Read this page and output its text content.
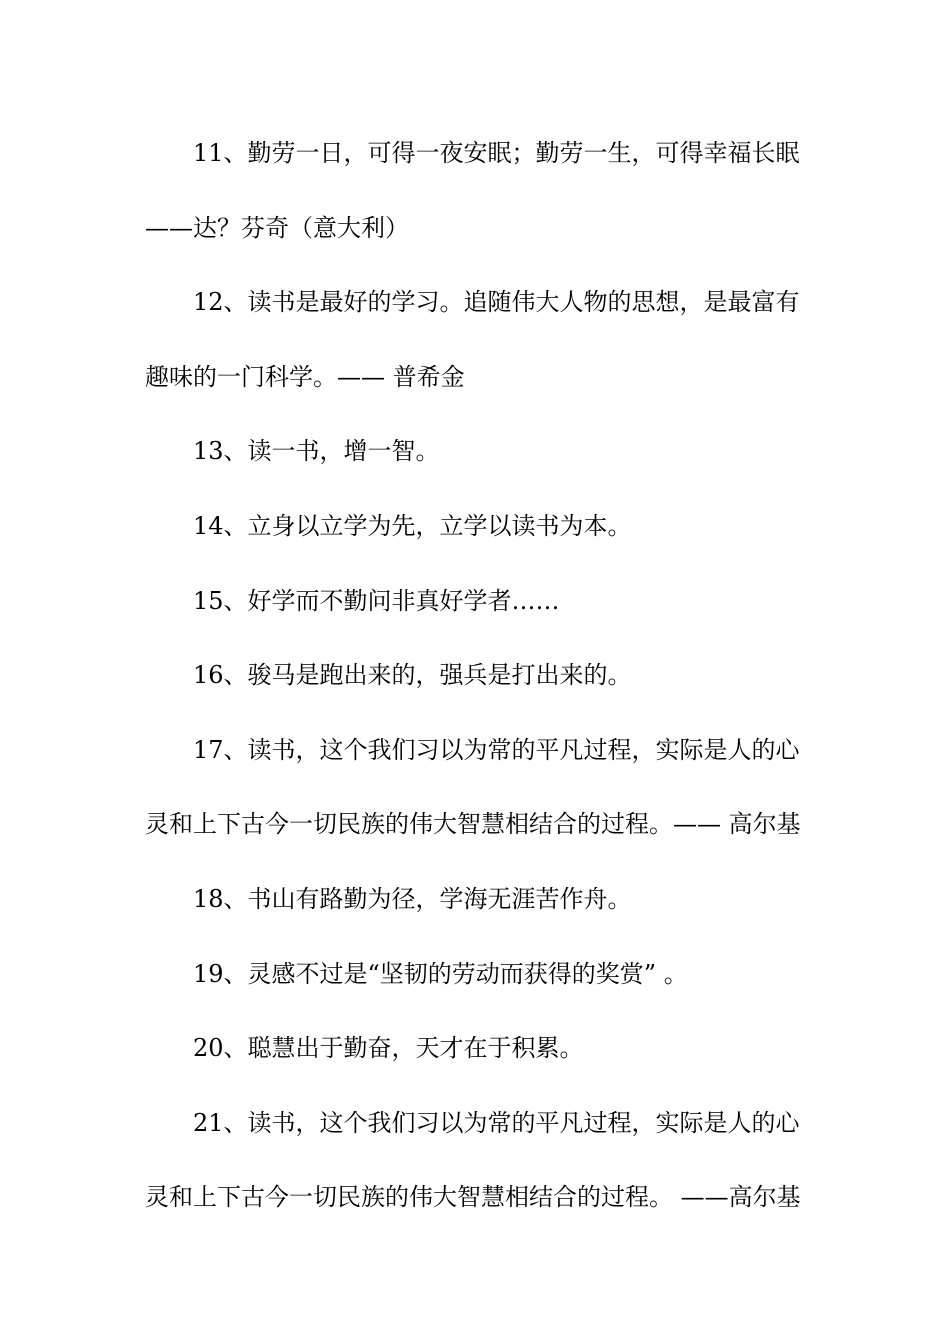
11、勤劳一日，可得一夜安眠；勤劳一生，可得幸福长眠
——达？芬奇（意大利）
12、读书是最好的学习。追随伟大人物的思想，是最富有
趣味的一门科学。—— 普希金
13、读一书，增一智。
14、立身以立学为先，立学以读书为本。
15、好学而不勤问非真好学者……
16、骏马是跑出来的，强兵是打出来的。
17、读书，这个我们习以为常的平凡过程，实际是人的心
灵和上下古今一切民族的伟大智慧相结合的过程。—— 高尔基
18、书山有路勤为径，学海无涯苦作舟。
19、灵感不过是“坚韧的劳动而获得的奖赏” 。
20、聪慧出于勤奋，天才在于积累。
21、读书，这个我们习以为常的平凡过程，实际是人的心
灵和上下古今一切民族的伟大智慧相结合的过程。 ——高尔基
